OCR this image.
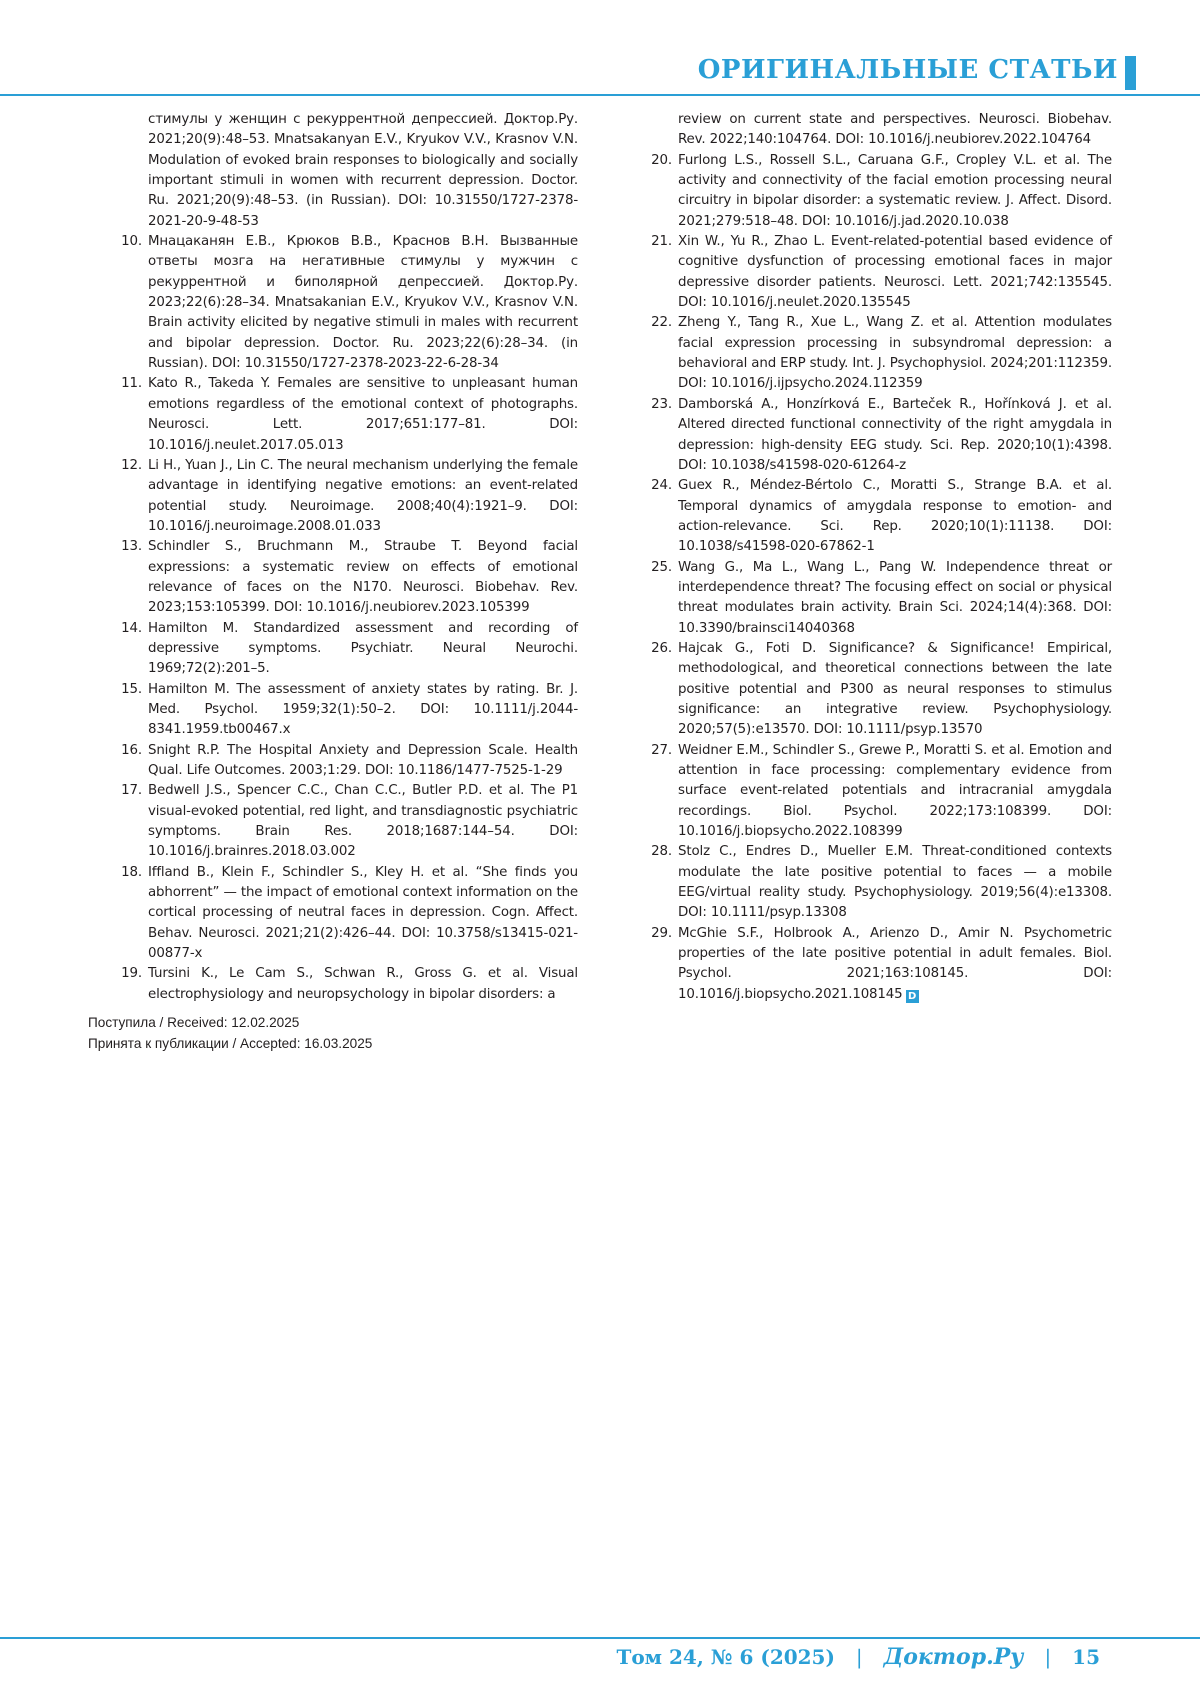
ОРИГИНАЛЬНЫЕ СТАТЬИ
стимулы у женщин с рекуррентной депрессией. Доктор.Ру. 2021;20(9):48–53. Mnatsakanyan E.V., Kryukov V.V., Krasnov V.N. Modulation of evoked brain responses to biologically and socially important stimuli in women with recurrent depression. Doctor. Ru. 2021;20(9):48–53. (in Russian). DOI: 10.31550/1727-2378-2021-20-9-48-53
10. Мнацаканян Е.В., Крюков В.В., Краснов В.Н. Вызванные ответы мозга на негативные стимулы у мужчин с рекуррентной и биполярной депрессией. Доктор.Ру. 2023;22(6):28–34. Mnatsakanian E.V., Kryukov V.V., Krasnov V.N. Brain activity elicited by negative stimuli in males with recurrent and bipolar depression. Doctor. Ru. 2023;22(6):28–34. (in Russian). DOI: 10.31550/1727-2378-2023-22-6-28-34
11. Kato R., Takeda Y. Females are sensitive to unpleasant human emotions regardless of the emotional context of photographs. Neurosci. Lett. 2017;651:177–81. DOI: 10.1016/j.neulet.2017.05.013
12. Li H., Yuan J., Lin C. The neural mechanism underlying the female advantage in identifying negative emotions: an event-related potential study. Neuroimage. 2008;40(4):1921–9. DOI: 10.1016/j.neuroimage.2008.01.033
13. Schindler S., Bruchmann M., Straube T. Beyond facial expressions: a systematic review on effects of emotional relevance of faces on the N170. Neurosci. Biobehav. Rev. 2023;153:105399. DOI: 10.1016/j.neubiorev.2023.105399
14. Hamilton M. Standardized assessment and recording of depressive symptoms. Psychiatr. Neural Neurochi. 1969;72(2):201–5.
15. Hamilton M. The assessment of anxiety states by rating. Br. J. Med. Psychol. 1959;32(1):50–2. DOI: 10.1111/j.2044-8341.1959.tb00467.x
16. Snight R.P. The Hospital Anxiety and Depression Scale. Health Qual. Life Outcomes. 2003;1:29. DOI: 10.1186/1477-7525-1-29
17. Bedwell J.S., Spencer C.C., Chan C.C., Butler P.D. et al. The P1 visual-evoked potential, red light, and transdiagnostic psychiatric symptoms. Brain Res. 2018;1687:144–54. DOI: 10.1016/j.brainres.2018.03.002
18. Iffland B., Klein F., Schindler S., Kley H. et al. “She finds you abhorrent” — the impact of emotional context information on the cortical processing of neutral faces in depression. Cogn. Affect. Behav. Neurosci. 2021;21(2):426–44. DOI: 10.3758/s13415-021-00877-x
19. Tursini K., Le Cam S., Schwan R., Gross G. et al. Visual electrophysiology and neuropsychology in bipolar disorders: a
review on current state and perspectives. Neurosci. Biobehav. Rev. 2022;140:104764. DOI: 10.1016/j.neubiorev.2022.104764
20. Furlong L.S., Rossell S.L., Caruana G.F., Cropley V.L. et al. The activity and connectivity of the facial emotion processing neural circuitry in bipolar disorder: a systematic review. J. Affect. Disord. 2021;279:518–48. DOI: 10.1016/j.jad.2020.10.038
21. Xin W., Yu R., Zhao L. Event-related-potential based evidence of cognitive dysfunction of processing emotional faces in major depressive disorder patients. Neurosci. Lett. 2021;742:135545. DOI: 10.1016/j.neulet.2020.135545
22. Zheng Y., Tang R., Xue L., Wang Z. et al. Attention modulates facial expression processing in subsyndromal depression: a behavioral and ERP study. Int. J. Psychophysiol. 2024;201:112359. DOI: 10.1016/j.ijpsycho.2024.112359
23. Damborská A., Honzírková E., Barteček R., Hořínková J. et al. Altered directed functional connectivity of the right amygdala in depression: high-density EEG study. Sci. Rep. 2020;10(1):4398. DOI: 10.1038/s41598-020-61264-z
24. Guex R., Méndez-Bértolo C., Moratti S., Strange B.A. et al. Temporal dynamics of amygdala response to emotion- and action-relevance. Sci. Rep. 2020;10(1):11138. DOI: 10.1038/s41598-020-67862-1
25. Wang G., Ma L., Wang L., Pang W. Independence threat or interdependence threat? The focusing effect on social or physical threat modulates brain activity. Brain Sci. 2024;14(4):368. DOI: 10.3390/brainsci14040368
26. Hajcak G., Foti D. Significance? & Significance! Empirical, methodological, and theoretical connections between the late positive potential and P300 as neural responses to stimulus significance: an integrative review. Psychophysiology. 2020;57(5):e13570. DOI: 10.1111/psyp.13570
27. Weidner E.M., Schindler S., Grewe P., Moratti S. et al. Emotion and attention in face processing: complementary evidence from surface event-related potentials and intracranial amygdala recordings. Biol. Psychol. 2022;173:108399. DOI: 10.1016/j.biopsycho.2022.108399
28. Stolz C., Endres D., Mueller E.M. Threat-conditioned contexts modulate the late positive potential to faces — a mobile EEG/virtual reality study. Psychophysiology. 2019;56(4):e13308. DOI: 10.1111/psyp.13308
29. McGhie S.F., Holbrook A., Arienzo D., Amir N. Psychometric properties of the late positive potential in adult females. Biol. Psychol. 2021;163:108145. DOI: 10.1016/j.biopsycho.2021.108145 D
Поступила / Received: 12.02.2025
Принята к публикации / Accepted: 16.03.2025
Том 24, № 6 (2025) | Доктор.Ру | 15
